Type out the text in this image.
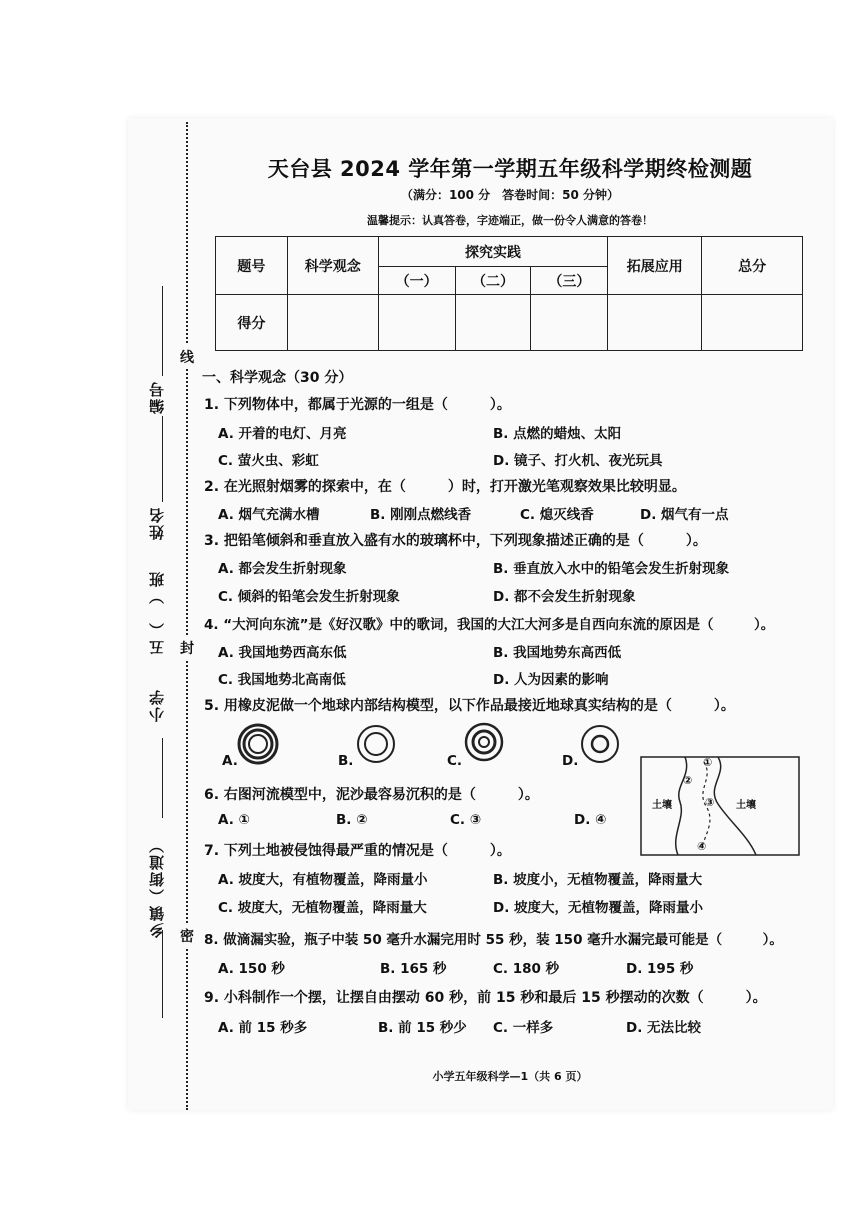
线
封
密
编号
姓名
五（　）班
小学
乡镇（街道）
天台县 2024 学年第一学期五年级科学期终检测题
（满分：100 分　答卷时间：50 分钟）
温馨提示：认真答卷，字迹端正，做一份令人满意的答卷！
题号	科学观念	探究实践			拓展应用	总分
		（一）	（二）	（三）		
得分						
一、科学观念（30 分）
1. 下列物体中，都属于光源的一组是（　　　）。
A. 开着的电灯、月亮	B. 点燃的蜡烛、太阳
C. 萤火虫、彩虹	D. 镜子、打火机、夜光玩具
2. 在光照射烟雾的探索中，在（　　　）时，打开激光笔观察效果比较明显。
A. 烟气充满水槽	B. 刚刚点燃线香	C. 熄灭线香	D. 烟气有一点
3. 把铅笔倾斜和垂直放入盛有水的玻璃杯中，下列现象描述正确的是（　　　）。
A. 都会发生折射现象	B. 垂直放入水中的铅笔会发生折射现象
C. 倾斜的铅笔会发生折射现象	D. 都不会发生折射现象
4. “大河向东流”是《好汉歌》中的歌词，我国的大江大河多是自西向东流的原因是（　　　）。
A. 我国地势西高东低	B. 我国地势东高西低
C. 我国地势北高南低	D. 人为因素的影响
5. 用橡皮泥做一个地球内部结构模型，以下作品最接近地球真实结构的是（　　　）。
A.	B.	C.	D.
土壤	土壤
①
②
③
④
6. 右图河流模型中，泥沙最容易沉积的是（　　　）。
A. ①	B. ②	C. ③	D. ④
7. 下列土地被侵蚀得最严重的情况是（　　　）。
A. 坡度大，有植物覆盖，降雨量小	B. 坡度小，无植物覆盖，降雨量大
C. 坡度大，无植物覆盖，降雨量大	D. 坡度大，无植物覆盖，降雨量小
8. 做滴漏实验，瓶子中装 50 毫升水漏完用时 55 秒，装 150 毫升水漏完最可能是（　　　）。
A. 150 秒	B. 165 秒	C. 180 秒	D. 195 秒
9. 小科制作一个摆，让摆自由摆动 60 秒，前 15 秒和最后 15 秒摆动的次数（　　　）。
A. 前 15 秒多	B. 前 15 秒少 C. 一样多	D. 无法比较
小学五年级科学—1（共 6 页）
